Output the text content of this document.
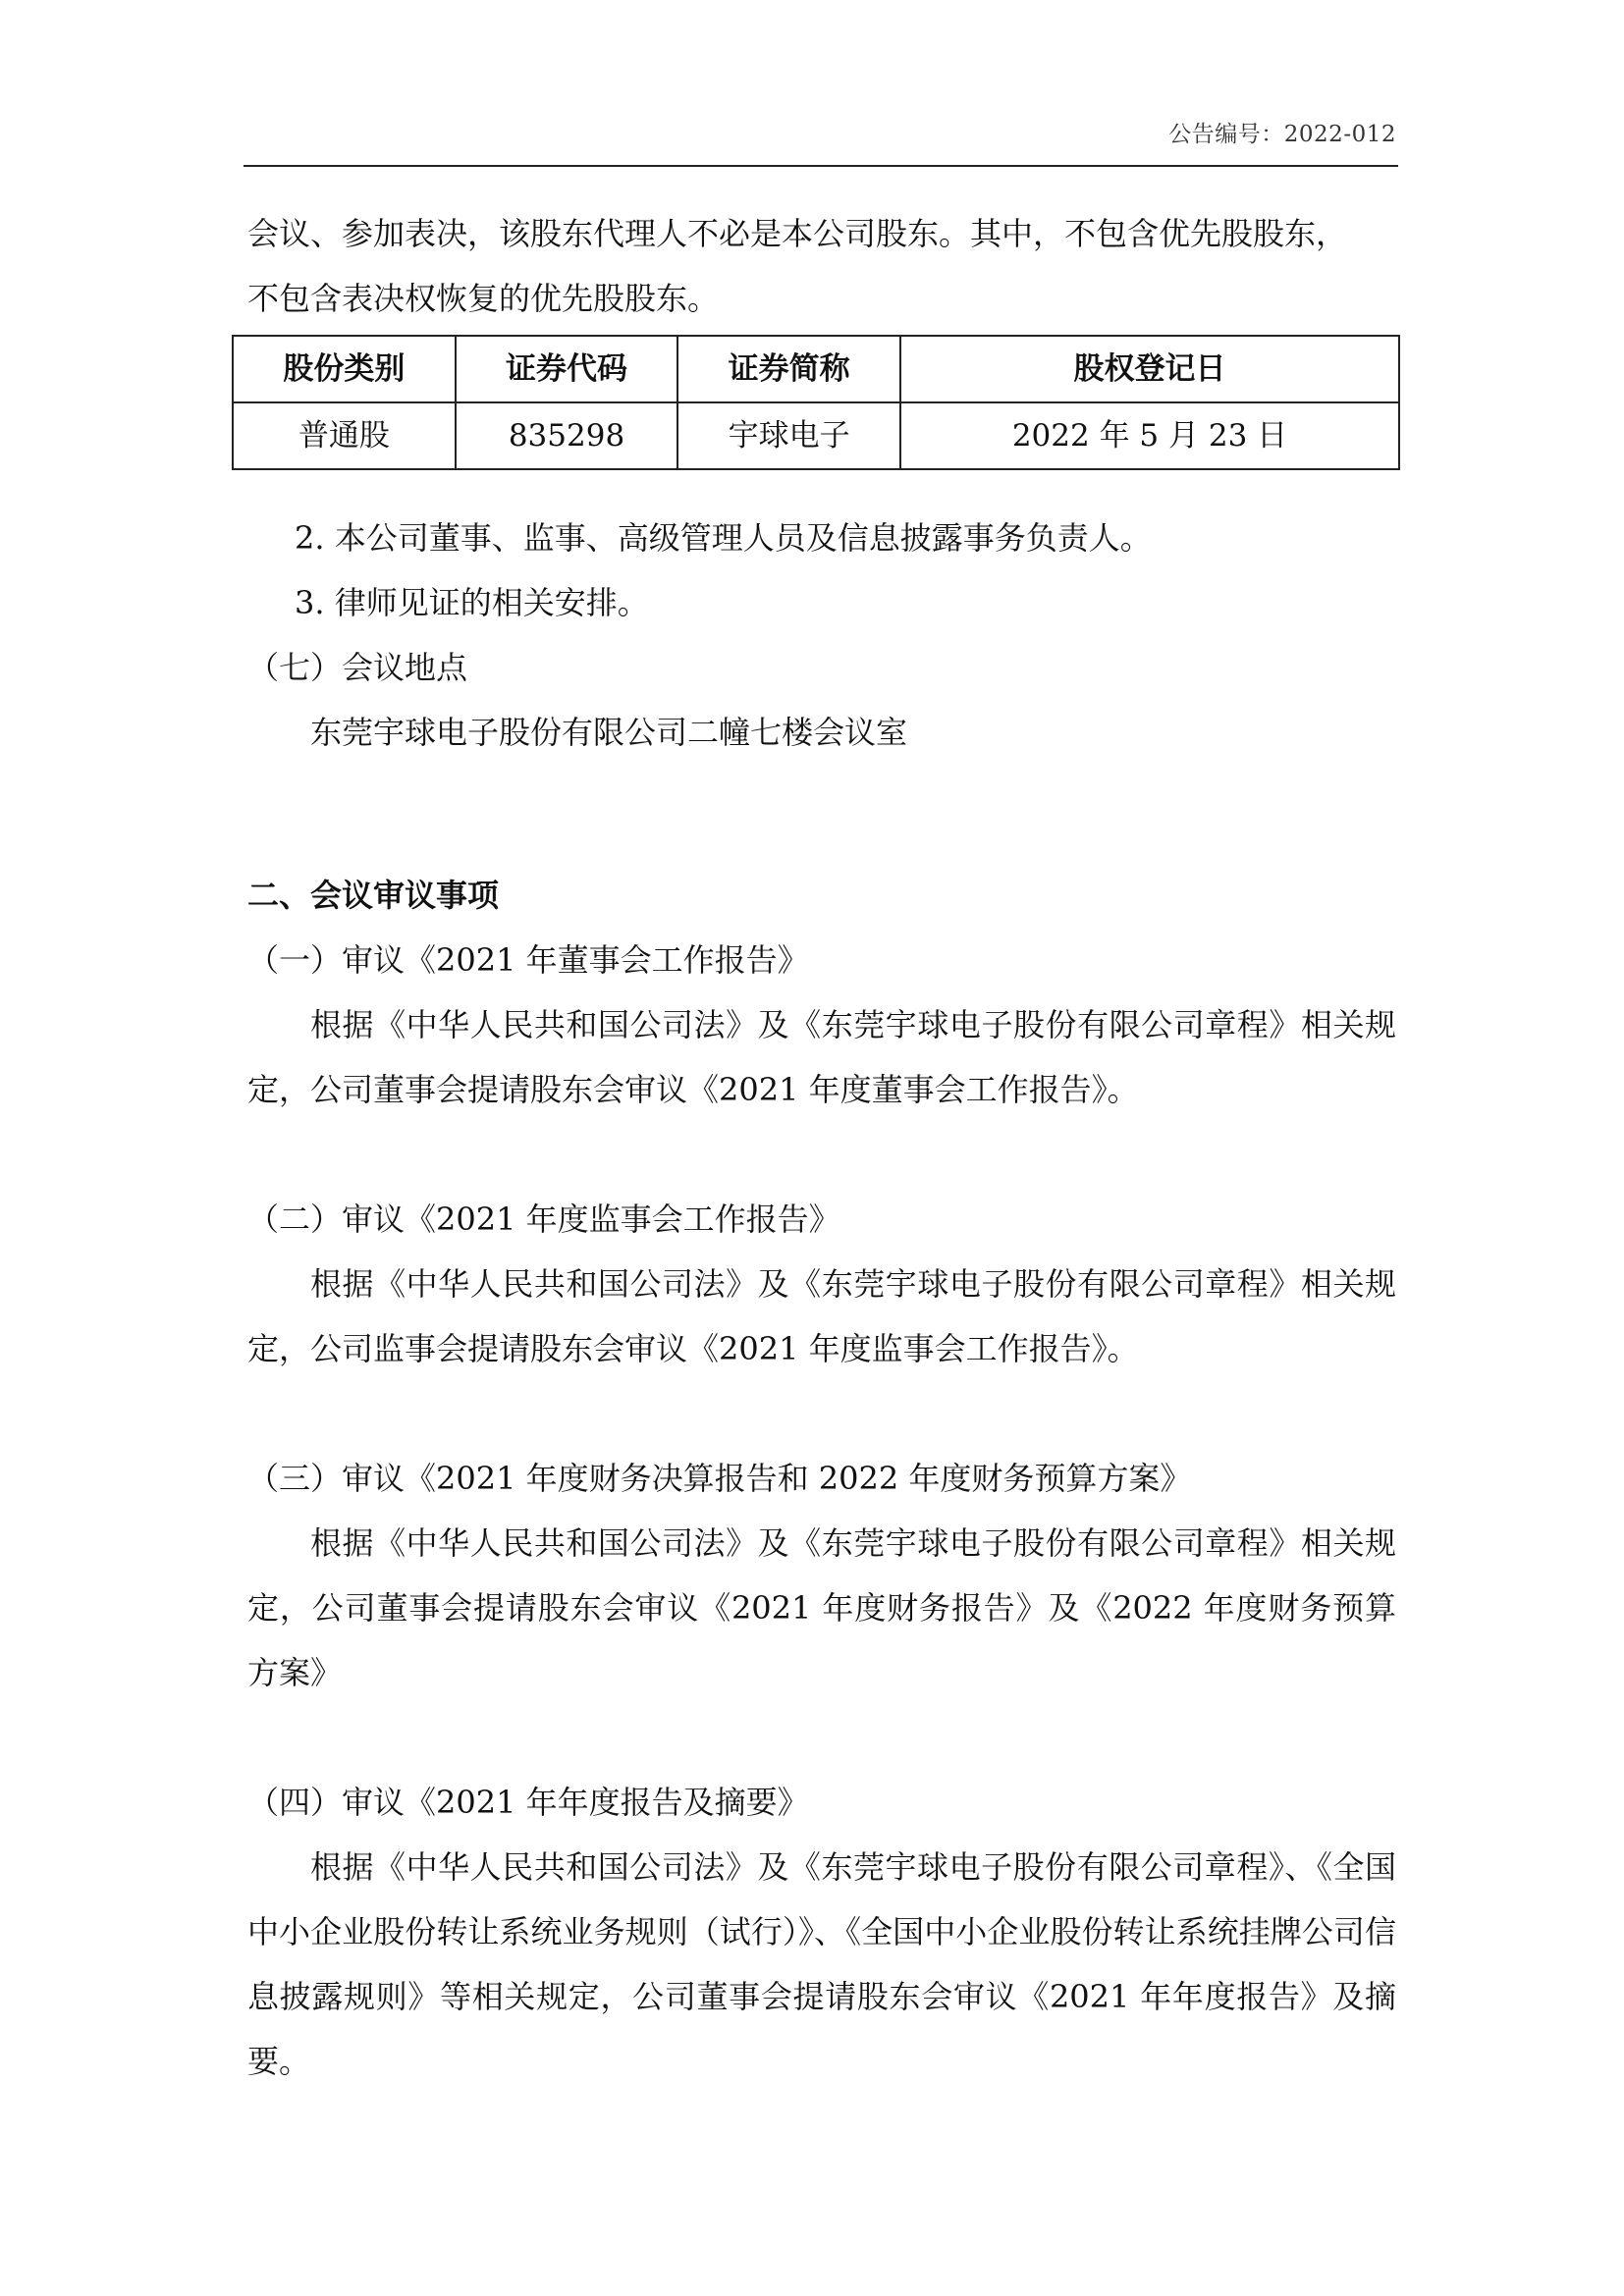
公告编号：2022-012

会议、参加表决，该股东代理人不必是本公司股东。其中，不包含优先股股东，

不包含表决权恢复的优先股股东。

股份类别	证券代码	证券简称	股权登记日
普通股	835298	宇球电子	2022 年 5 月 23 日

2. 本公司董事、监事、高级管理人员及信息披露事务负责人。

3. 律师见证的相关安排。

（七）会议地点

东莞宇球电子股份有限公司二幢七楼会议室

二、会议审议事项

（一）审议《2021 年董事会工作报告》

根据《中华人民共和国公司法》及《东莞宇球电子股份有限公司章程》相关规定，公司董事会提请股东会审议《2021 年度董事会工作报告》。

（二）审议《2021 年度监事会工作报告》

根据《中华人民共和国公司法》及《东莞宇球电子股份有限公司章程》相关规定，公司监事会提请股东会审议《2021 年度监事会工作报告》。

（三）审议《2021 年度财务决算报告和 2022 年度财务预算方案》

根据《中华人民共和国公司法》及《东莞宇球电子股份有限公司章程》相关规定，公司董事会提请股东会审议《2021 年度财务报告》及《2022 年度财务预算方案》

（四）审议《2021 年年度报告及摘要》

根据《中华人民共和国公司法》及《东莞宇球电子股份有限公司章程》、《全国中小企业股份转让系统业务规则（试行）》、《全国中小企业股份转让系统挂牌公司信息披露规则》等相关规定，公司董事会提请股东会审议《2021 年年度报告》及摘要。
